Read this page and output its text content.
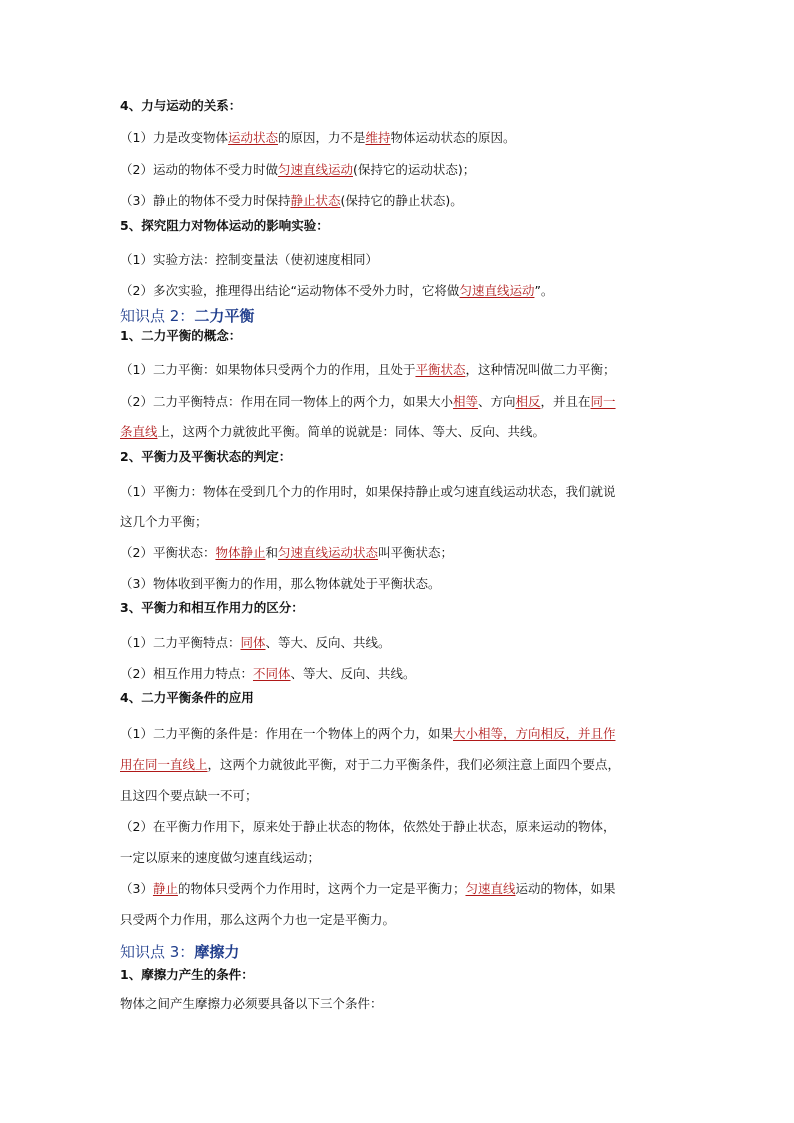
4、力与运动的关系：
（1）力是改变物体运动状态的原因，力不是维持物体运动状态的原因。
（2）运动的物体不受力时做匀速直线运动(保持它的运动状态)；
（3）静止的物体不受力时保持静止状态(保持它的静止状态)。
5、探究阻力对物体运动的影响实验：
（1）实验方法：控制变量法（使初速度相同）
（2）多次实验，推理得出结论“运动物体不受外力时，它将做匀速直线运动”。
知识点 2：二力平衡
1、二力平衡的概念：
（1）二力平衡：如果物体只受两个力的作用，且处于平衡状态，这种情况叫做二力平衡；
（2）二力平衡特点：作用在同一物体上的两个力，如果大小相等、方向相反，并且在同一
条直线上，这两个力就彼此平衡。简单的说就是：同体、等大、反向、共线。
2、平衡力及平衡状态的判定：
（1）平衡力：物体在受到几个力的作用时，如果保持静止或匀速直线运动状态，我们就说
这几个力平衡；
（2）平衡状态：物体静止和匀速直线运动状态叫平衡状态；
（3）物体收到平衡力的作用，那么物体就处于平衡状态。
3、平衡力和相互作用力的区分：
（1）二力平衡特点：同体、等大、反向、共线。
（2）相互作用力特点：不同体、等大、反向、共线。
4、二力平衡条件的应用
（1）二力平衡的条件是：作用在一个物体上的两个力，如果大小相等，方向相反，并且作
用在同一直线上，这两个力就彼此平衡，对于二力平衡条件，我们必须注意上面四个要点，
且这四个要点缺一不可；
（2）在平衡力作用下，原来处于静止状态的物体，依然处于静止状态，原来运动的物体，
一定以原来的速度做匀速直线运动；
（3）静止的物体只受两个力作用时，这两个力一定是平衡力；匀速直线运动的物体，如果
只受两个力作用，那么这两个力也一定是平衡力。
知识点 3：摩擦力
1、摩擦力产生的条件：
物体之间产生摩擦力必须要具备以下三个条件：
